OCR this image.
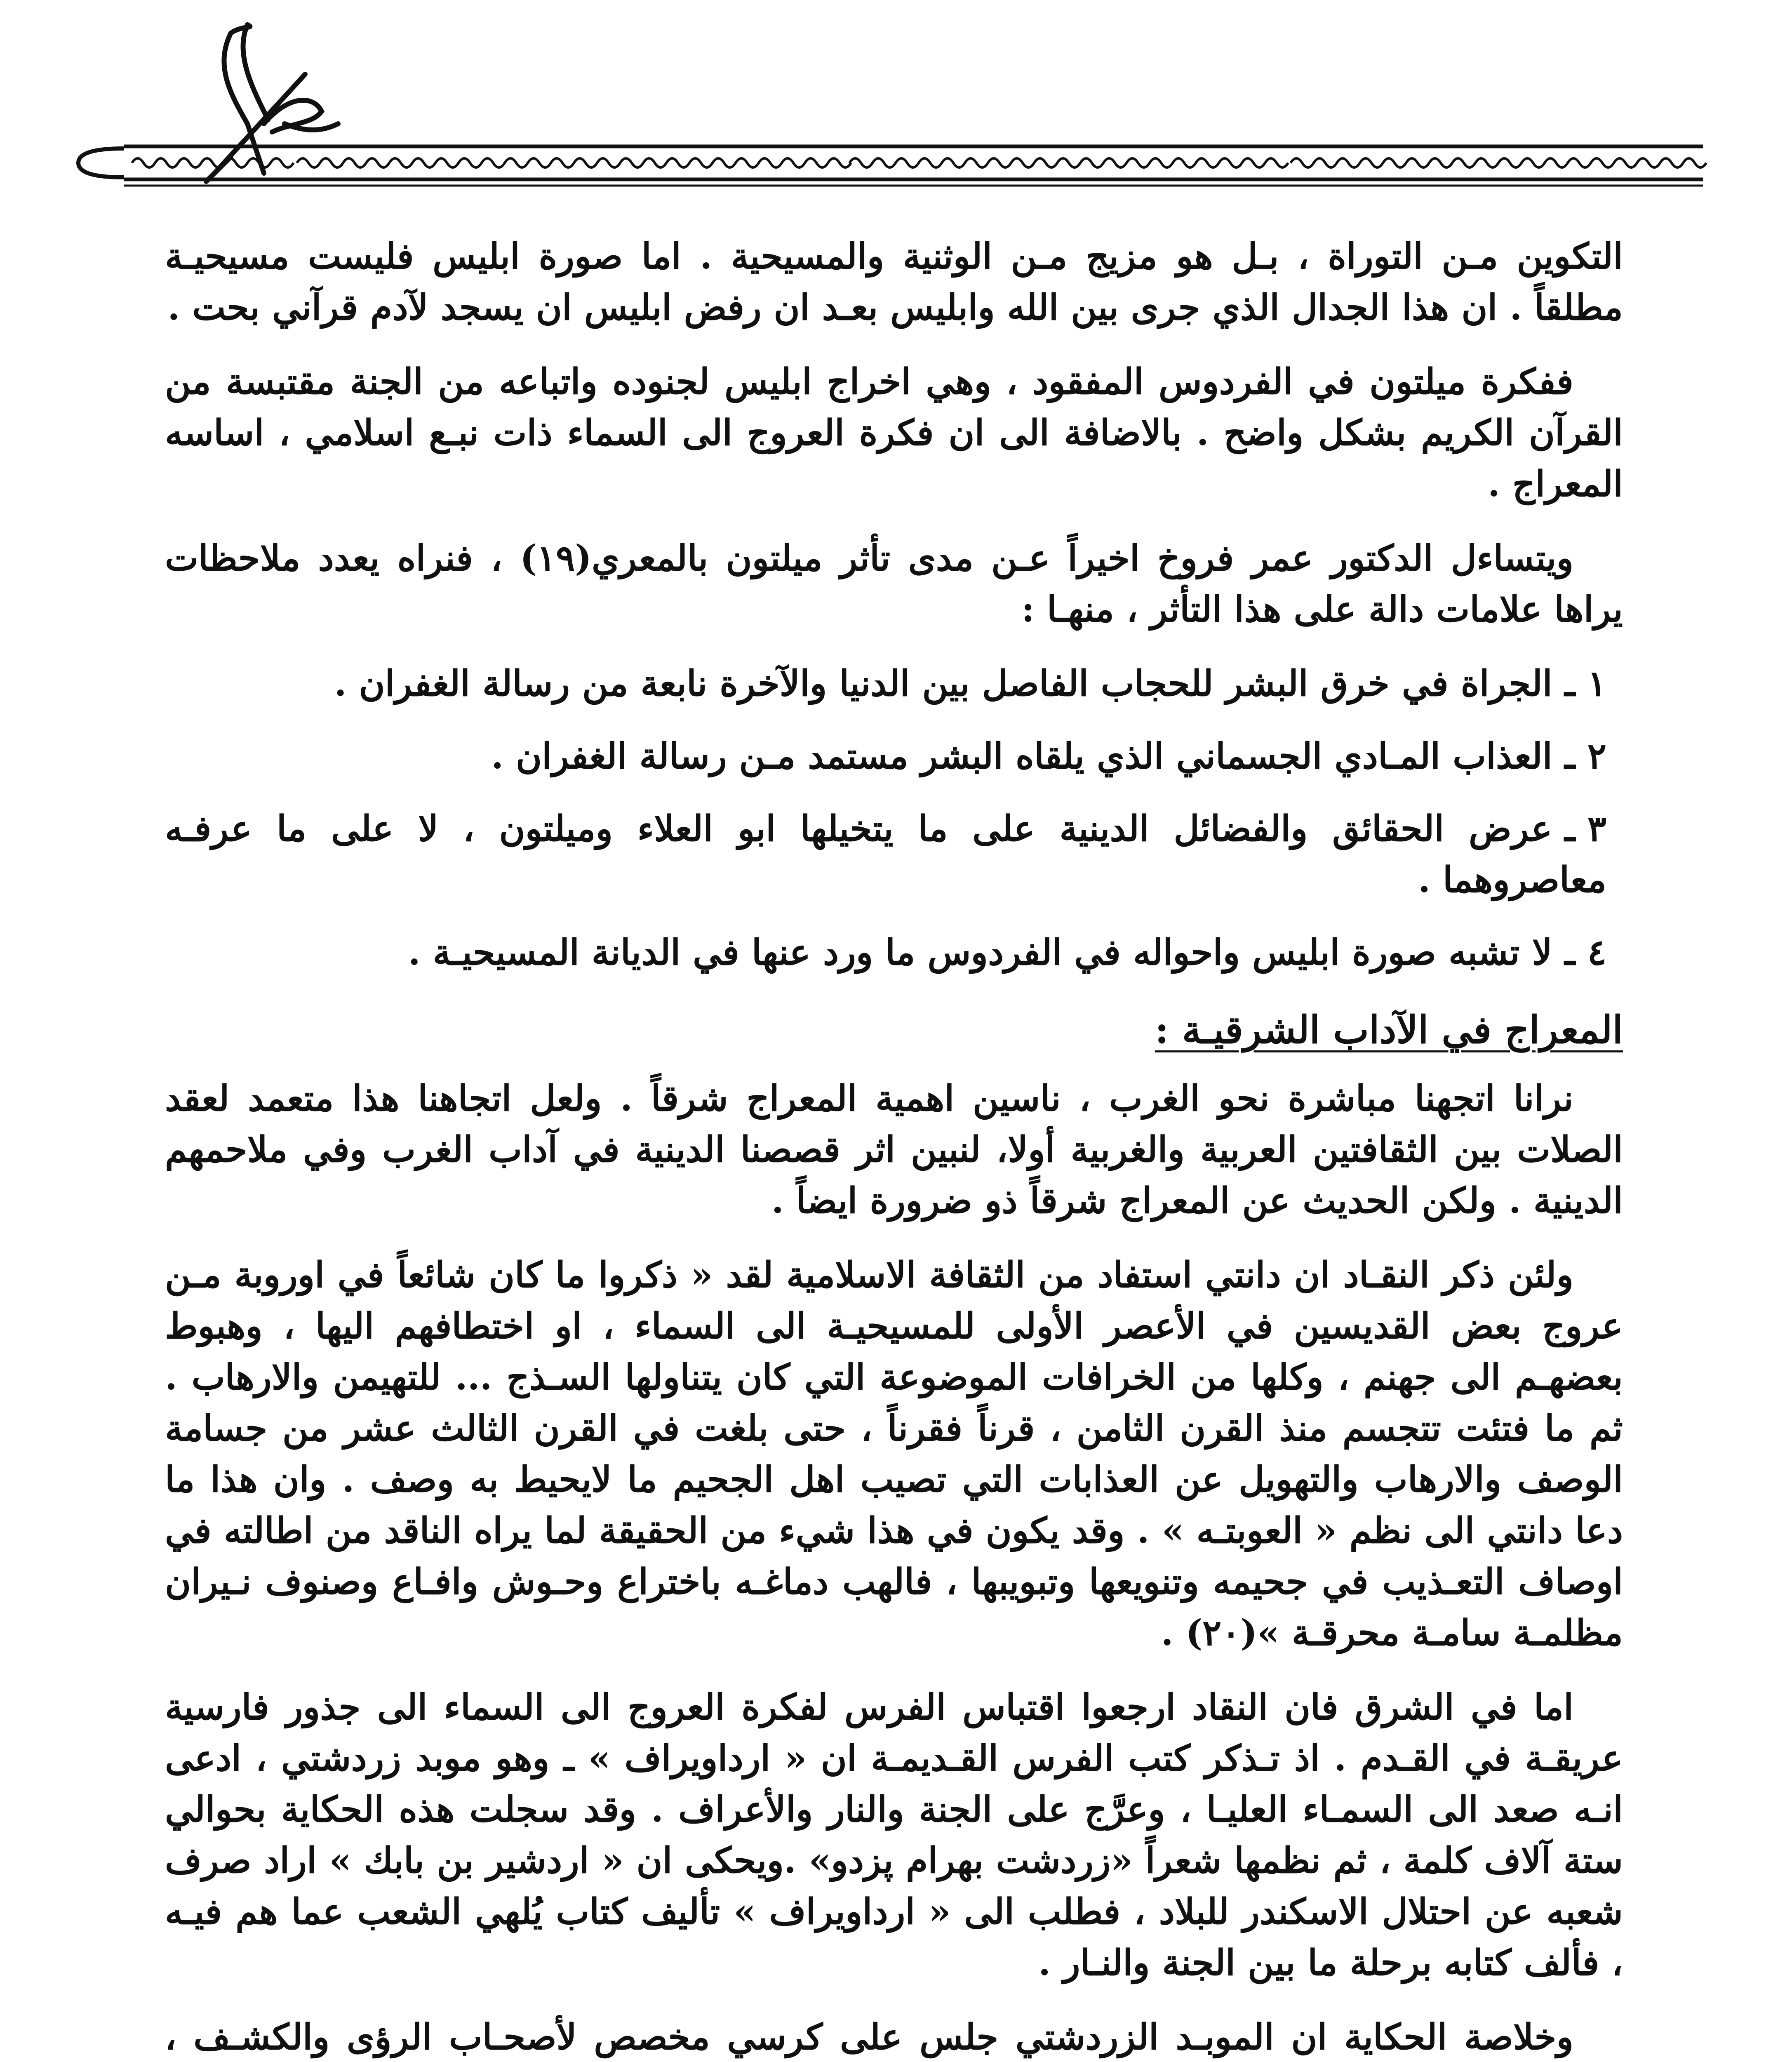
التكوين مـن التوراة ، بـل هو مزيج مـن الوثنية والمسيحية . اما صورة ابليس فليست مسيحيـة مطلقاً . ان هذا الجدال الذي جرى بين الله وابليس بعـد ان رفض ابليس ان يسجد لآدم قرآني بحت .

ففكرة ميلتون في الفردوس المفقود ، وهي اخراج ابليس لجنوده واتباعه من الجنة مقتبسة من القرآن الكريم بشكل واضح . بالاضافة الى ان فكرة العروج الى السماء ذات نبـع اسلامي ، اساسه المعراج .

ويتساءل الدكتور عمر فروخ اخيراً عـن مدى تأثر ميلتون بالمعري(١٩) ، فنراه يعدد ملاحظات يراها علامات دالة على هذا التأثر ، منهـا :

١ ـالجراة في خرق البشر للحجاب الفاصل بين الدنيا والآخرة نابعة من رسالة الغفران .
٢ ـالعذاب المـادي الجسماني الذي يلقاه البشر مستمد مـن رسالة الغفران .
٣ ـعرض الحقائق والفضائل الدينية على ما يتخيلها ابو العلاء وميلتون ، لا على ما عرفـه معاصروهما .
٤ ـلا تشبه صورة ابليس واحواله في الفردوس ما ورد عنها في الديانة المسيحيـة .
المعراج في الآداب الشرقيـة :

نرانا اتجهنا مباشرة نحو الغرب ، ناسين اهمية المعراج شرقاً . ولعل اتجاهنا هذا متعمد لعقد الصلات بين الثقافتين العربية والغربية أولا، لنبين اثر قصصنا الدينية في آداب الغرب وفي ملاحمهم الدينية . ولكن الحديث عن المعراج شرقاً ذو ضرورة ايضاً .

ولئن ذكر النقـاد ان دانتي استفاد من الثقافة الاسلامية لقد « ذكروا ما كان شائعاً في اوروبة مـن عروج بعض القديسين في الأعصر الأولى للمسيحيـة الى السماء ، او اختطافهم اليها ، وهبوط بعضهـم الى جهنم ، وكلها من الخرافات الموضوعة التي كان يتناولها السـذج ... للتهيمن والارهاب . ثم ما فتئت تتجسم منذ القرن الثامن ، قرناً فقرناً ، حتى بلغت في القرن الثالث عشر من جسامة الوصف والارهاب والتهويل عن العذابات التي تصيب اهل الجحيم ما لايحيط به وصف . وان هذا ما دعا دانتي الى نظم « العوبتـه » . وقد يكون في هذا شيء من الحقيقة لما يراه الناقد من اطالته في اوصاف التعـذيب في جحيمه وتنويعها وتبويبها ، فالهب دماغـه باختراع وحـوش وافـاع وصنوف نـيران مظلمـة سامـة محرقـة »(٢٠) .

اما في الشرق فان النقاد ارجعوا اقتباس الفرس لفكرة العروج الى السماء الى جذور فارسية عريقـة في القـدم . اذ تـذكر كتب الفرس القـديمـة ان « ارداويراف » ـ وهو موبد زردشتي ، ادعى انـه صعد الى السمـاء العليـا ، وعرَّج على الجنة والنار والأعراف . وقد سجلت هذه الحكاية بحوالي ستة آلاف كلمة ، ثم نظمها شعراً «زردشت بهرام پزدو» .ويحكى ان « اردشير بن بابك » اراد صرف شعبه عن احتلال الاسكندر للبلاد ، فطلب الى « ارداويراف » تأليف كتاب يُلهي الشعب عما هم فيـه ، فألف كتابه برحلة ما بين الجنة والنـار .

وخلاصة الحكاية ان الموبـد الزردشتي جلس على كرسي مخصص لأصحـاب الرؤى والكشـف ،
